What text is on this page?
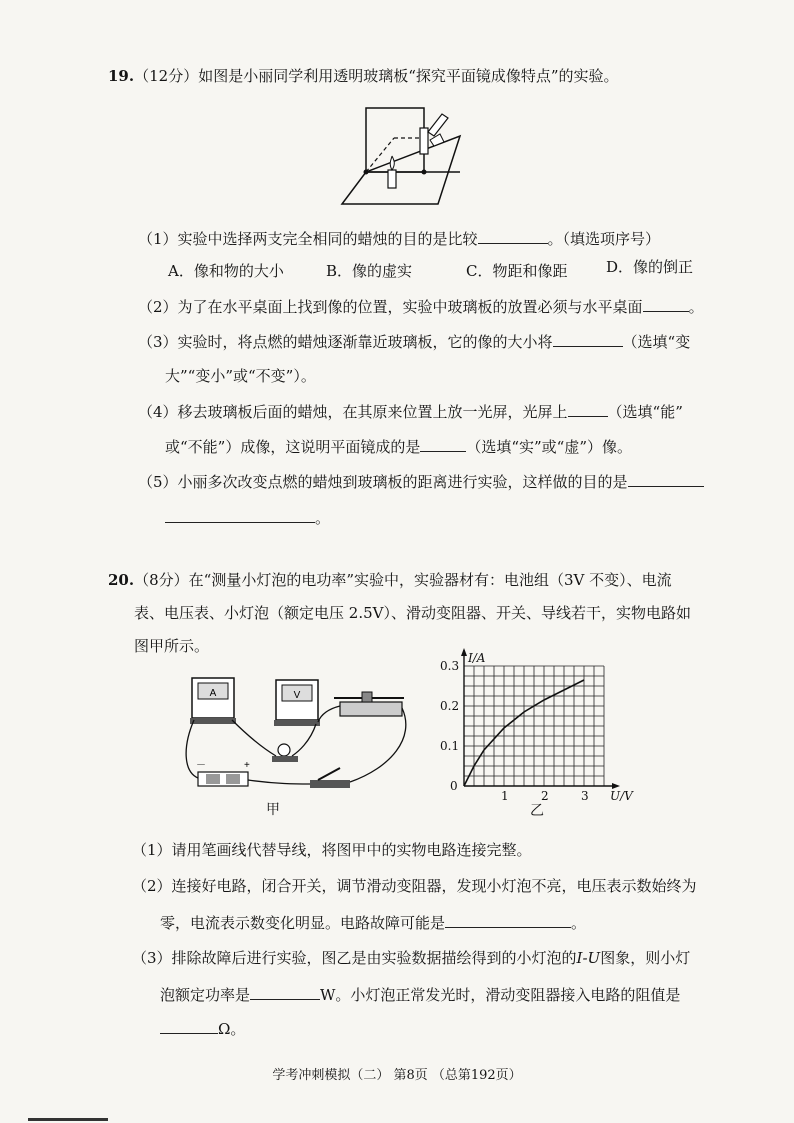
19.（12分）如图是小丽同学利用透明玻璃板“探究平面镜成像特点”的实验。
（1）实验中选择两支完全相同的蜡烛的目的是比较	。（填选项序号）
A．像和物的大小	B．像的虚实	C．物距和像距	D．像的倒正
（2）为了在水平桌面上找到像的位置，实验中玻璃板的放置必须与水平桌面	。
（3）实验时，将点燃的蜡烛逐渐靠近玻璃板，它的像的大小将	（选填“变
大”“变小”或“不变”）。
（4）移去玻璃板后面的蜡烛，在其原来位置上放一光屏，光屏上	（选填“能”
或“不能”）成像，这说明平面镜成的是	（选填“实”或“虚”）像。
（5）小丽多次改变点燃的蜡烛到玻璃板的距离进行实验，这样做的目的是
。
20.（8分）在“测量小灯泡的电功率”实验中，实验器材有：电池组（3V 不变）、电流
表、电压表、小灯泡（额定电压 2.5V）、滑动变阻器、开关、导线若干，实物电路如
图甲所示。
A	V
－	+
甲
I/A
U/V
0
0.1
0.2
0.3
1	2	3
乙
（1）请用笔画线代替导线，将图甲中的实物电路连接完整。
（2）连接好电路，闭合开关，调节滑动变阻器，发现小灯泡不亮，电压表示数始终为
零，电流表示数变化明显。电路故障可能是	。
（3）排除故障后进行实验，图乙是由实验数据描绘得到的小灯泡的I-U图象，则小灯
泡额定功率是	W。小灯泡正常发光时，滑动变阻器接入电路的阻值是
Ω。
学考冲刺模拟（二） 第8页 （总第192页）
